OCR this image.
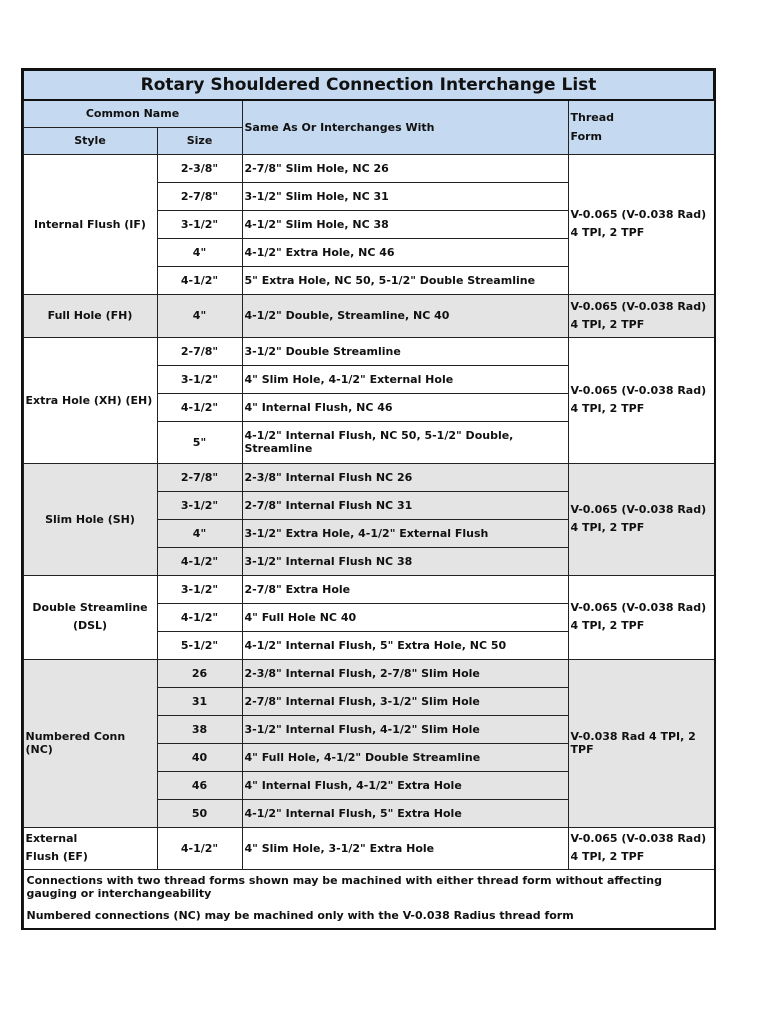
Rotary Shouldered Connection Interchange List			
Common Name		Same As Or Interchanges With	Thread
Form
Style	Size		
Internal Flush (IF)	2-3/8"	2-7/8" Slim Hole, NC 26	V-0.065 (V-0.038 Rad)
4 TPI, 2 TPF
	2-7/8"	3-1/2" Slim Hole, NC 31	
	3-1/2"	4-1/2" Slim Hole, NC 38	
	4"	4-1/2" Extra Hole, NC 46	
	4-1/2"	5" Extra Hole, NC 50, 5-1/2" Double Streamline	
Full Hole (FH)	4"	4-1/2" Double, Streamline, NC 40	V-0.065 (V-0.038 Rad)
4 TPI, 2 TPF
Extra Hole (XH) (EH)	2-7/8"	3-1/2" Double Streamline	V-0.065 (V-0.038 Rad)
4 TPI, 2 TPF
	3-1/2"	4" Slim Hole, 4-1/2" External Hole	
	4-1/2"	4" Internal Flush, NC 46	
	5"	4-1/2" Internal Flush, NC 50, 5-1/2" Double, Streamline	
Slim Hole (SH)	2-7/8"	2-3/8" Internal Flush NC 26	V-0.065 (V-0.038 Rad)
4 TPI, 2 TPF
	3-1/2"	2-7/8" Internal Flush NC 31	
	4"	3-1/2" Extra Hole, 4-1/2" External Flush	
	4-1/2"	3-1/2" Internal Flush NC 38	
Double Streamline
(DSL)	3-1/2"	2-7/8" Extra Hole	V-0.065 (V-0.038 Rad)
4 TPI, 2 TPF
	4-1/2"	4" Full Hole NC 40	
	5-1/2"	4-1/2" Internal Flush, 5" Extra Hole, NC 50	
Numbered Conn (NC)	26	2-3/8" Internal Flush, 2-7/8" Slim Hole	V-0.038 Rad 4 TPI, 2 TPF
	31	2-7/8" Internal Flush, 3-1/2" Slim Hole	
	38	3-1/2" Internal Flush, 4-1/2" Slim Hole	
	40	4" Full Hole, 4-1/2" Double Streamline	
	46	4" Internal Flush, 4-1/2" Extra Hole	
	50	4-1/2" Internal Flush, 5" Extra Hole	
External
Flush (EF)	4-1/2"	4" Slim Hole, 3-1/2" Extra Hole	V-0.065 (V-0.038 Rad)
4 TPI, 2 TPF

Connections with two thread forms shown may be machined with either thread form without affecting gauging or interchangeability

Numbered connections (NC) may be machined only with the V-0.038 Radius thread form			
